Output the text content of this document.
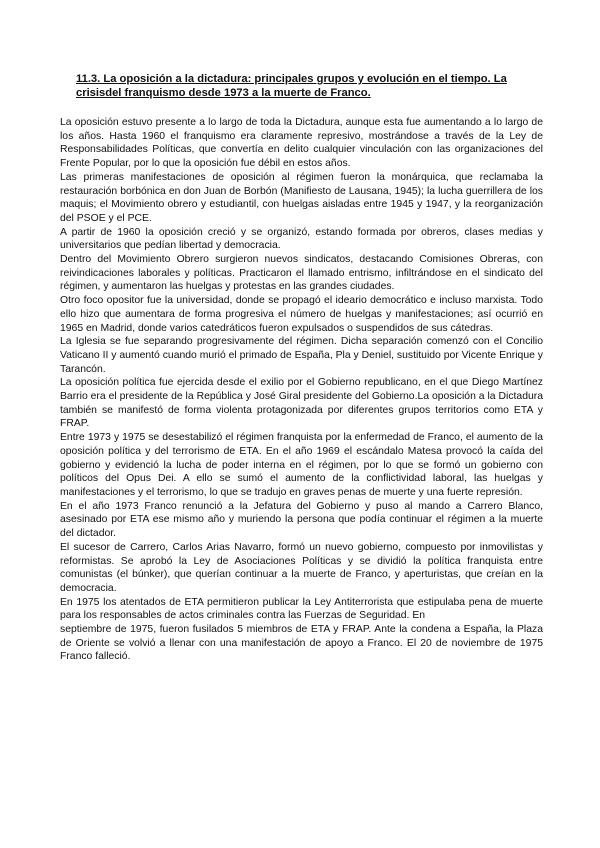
11.3. La oposición a la dictadura: principales grupos y evolución en el tiempo. La crisisdel franquismo desde 1973 a la muerte de Franco.

La oposición estuvo presente a lo largo de toda la Dictadura, aunque esta fue aumentando a lo largo de los años. Hasta 1960 el franquismo era claramente represivo, mostrándose a través de la Ley de Responsabilidades Políticas, que convertía en delito cualquier vinculación con las organizaciones del Frente Popular, por lo que la oposición fue débil en estos años.

Las primeras manifestaciones de oposición al régimen fueron la monárquica, que reclamaba la restauración borbónica en don Juan de Borbón (Manifiesto de Lausana, 1945); la lucha guerrillera de los maquis; el Movimiento obrero y estudiantil, con huelgas aisladas entre 1945 y 1947, y la reorganización del PSOE y el PCE.

A partir de 1960 la oposición creció y se organizó, estando formada por obreros, clases medias y universitarios que pedían libertad y democracia.

Dentro del Movimiento Obrero surgieron nuevos sindicatos, destacando Comisiones Obreras, con reivindicaciones laborales y políticas. Practicaron el llamado entrismo, infiltrándose en el sindicato del régimen, y aumentaron las huelgas y protestas en las grandes ciudades.

Otro foco opositor fue la universidad, donde se propagó el ideario democrático e incluso marxista. Todo ello hizo que aumentara de forma progresiva el número de huelgas y manifestaciones; así ocurrió en 1965 en Madrid, donde varios catedráticos fueron expulsados o suspendidos de sus cátedras.

La Iglesia se fue separando progresivamente del régimen. Dicha separación comenzó con el Concilio Vaticano II y aumentó cuando murió el primado de España, Pla y Deniel, sustituido por Vicente Enrique y Tarancón.

La oposición política fue ejercida desde el exilio por el Gobierno republicano, en el que Diego Martínez Barrio era el presidente de la República y José Giral presidente del Gobierno.La oposición a la Dictadura también se manifestó de forma violenta protagonizada por diferentes grupos territorios como ETA y FRAP.

Entre 1973 y 1975 se desestabilizó el régimen franquista por la enfermedad de Franco, el aumento de la oposición política y del terrorismo de ETA. En el año 1969 el escándalo Matesa provocó la caída del gobierno y evidenció la lucha de poder interna en el régimen, por lo que se formó un gobierno con políticos del Opus Dei. A ello se sumó el aumento de la conflictividad laboral, las huelgas y manifestaciones y el terrorismo, lo que se tradujo en graves penas de muerte y una fuerte represión.

En el año 1973 Franco renunció a la Jefatura del Gobierno y puso al mando a Carrero Blanco, asesinado por ETA ese mismo año y muriendo la persona que podía continuar el régimen a la muerte del dictador.

El sucesor de Carrero, Carlos Arias Navarro, formó un nuevo gobierno, compuesto por inmovilistas y reformistas. Se aprobó la Ley de Asociaciones Políticas y se dividió la política franquista entre comunistas (el búnker), que querían continuar a la muerte de Franco, y aperturistas, que creían en la democracia.

En 1975 los atentados de ETA permitieron publicar la Ley Antiterrorista que estipulaba pena de muerte para los responsables de actos criminales contra las Fuerzas de Seguridad. En

septiembre de 1975, fueron fusilados 5 miembros de ETA y FRAP. Ante la condena a España, la Plaza de Oriente se volvió a llenar con una manifestación de apoyo a Franco. El 20 de noviembre de 1975 Franco falleció.
